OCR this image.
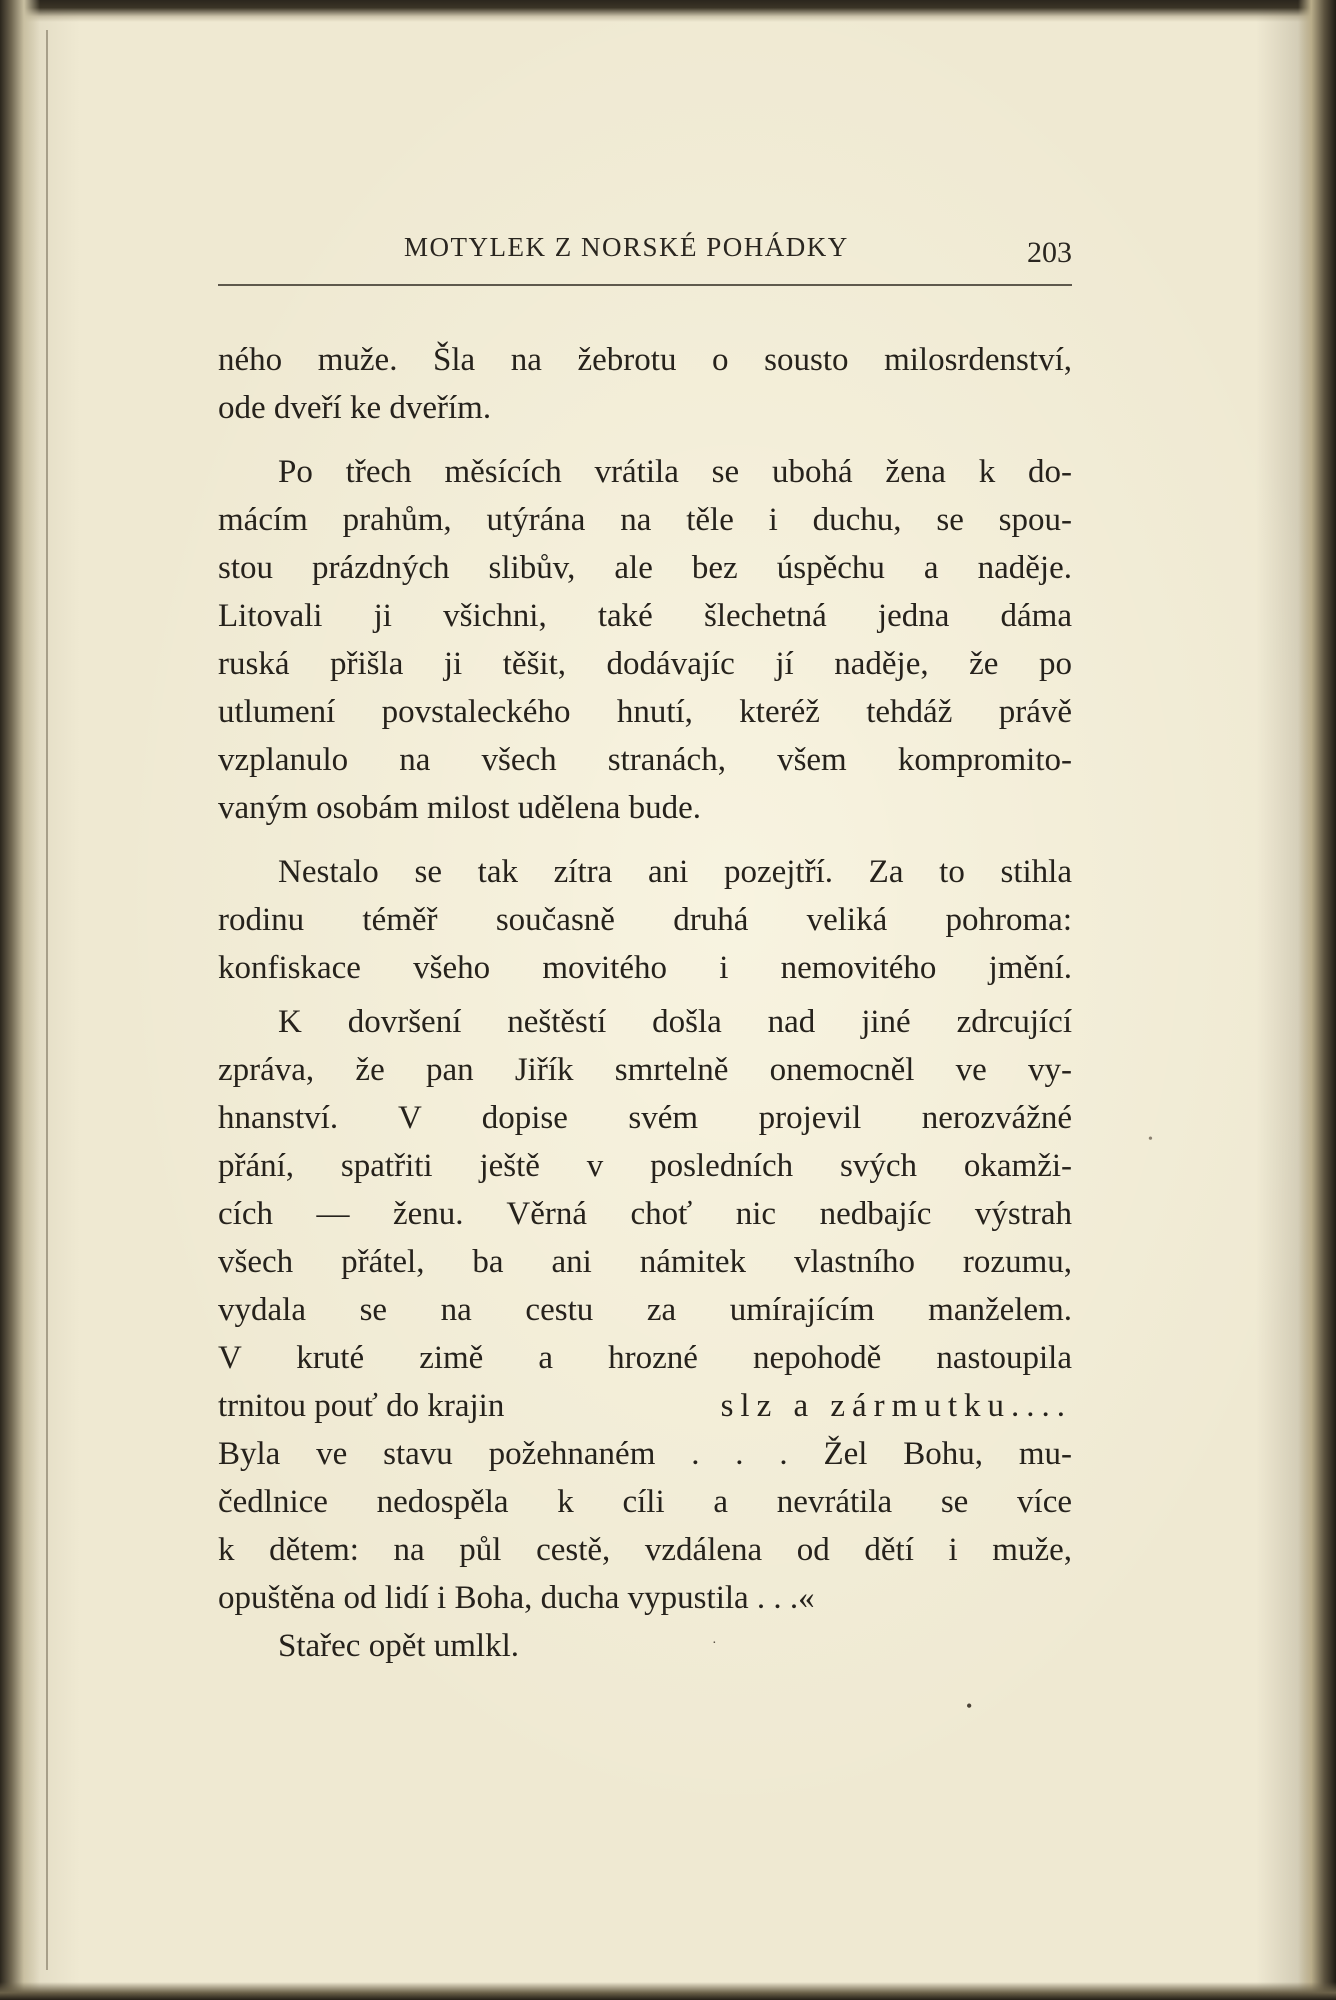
MOTYLEK Z NORSKÉ POHÁDKY	203
ného muže. Šla na žebrotu o sousto milosrdenství,
ode dveří ke dveřím.
Po třech měsících vrátila se ubohá žena k do-
mácím prahům, utýrána na těle i duchu, se spou-
stou prázdných slibův, ale bez úspěchu a naděje.
Litovali ji všichni, také šlechetná jedna dáma
ruská přišla ji těšit, dodávajíc jí naděje, že po
utlumení povstaleckého hnutí, kteréž tehdáž právě
vzplanulo na všech stranách, všem kompromito-
vaným osobám milost udělena bude.
Nestalo se tak zítra ani pozejtří. Za to stihla
rodinu téměř současně druhá veliká pohroma:
konfiskace všeho movitého i nemovitého jmění.
K dovršení neštěstí došla nad jiné zdrcující
zpráva, že pan Jiřík smrtelně onemocněl ve vy-
hnanství. V dopise svém projevil nerozvážné
přání, spatřiti ještě v posledních svých okamži-
cích — ženu. Věrná choť nic nedbajíc výstrah
všech přátel, ba ani námitek vlastního rozumu,
vydala se na cestu za umírajícím manželem.
V kruté zimě a hrozné nepohodě nastoupila
trnitou pouť do krajin	slz a zármutku....
Byla ve stavu požehnaném . . . Žel Bohu, mu-
čedlnice nedospěla k cíli a nevrátila se více
k dětem: na půl cestě, vzdálena od dětí i muže,
opuštěna od lidí i Boha, ducha vypustila . . .«
Stařec opět umlkl.
•
•
·
